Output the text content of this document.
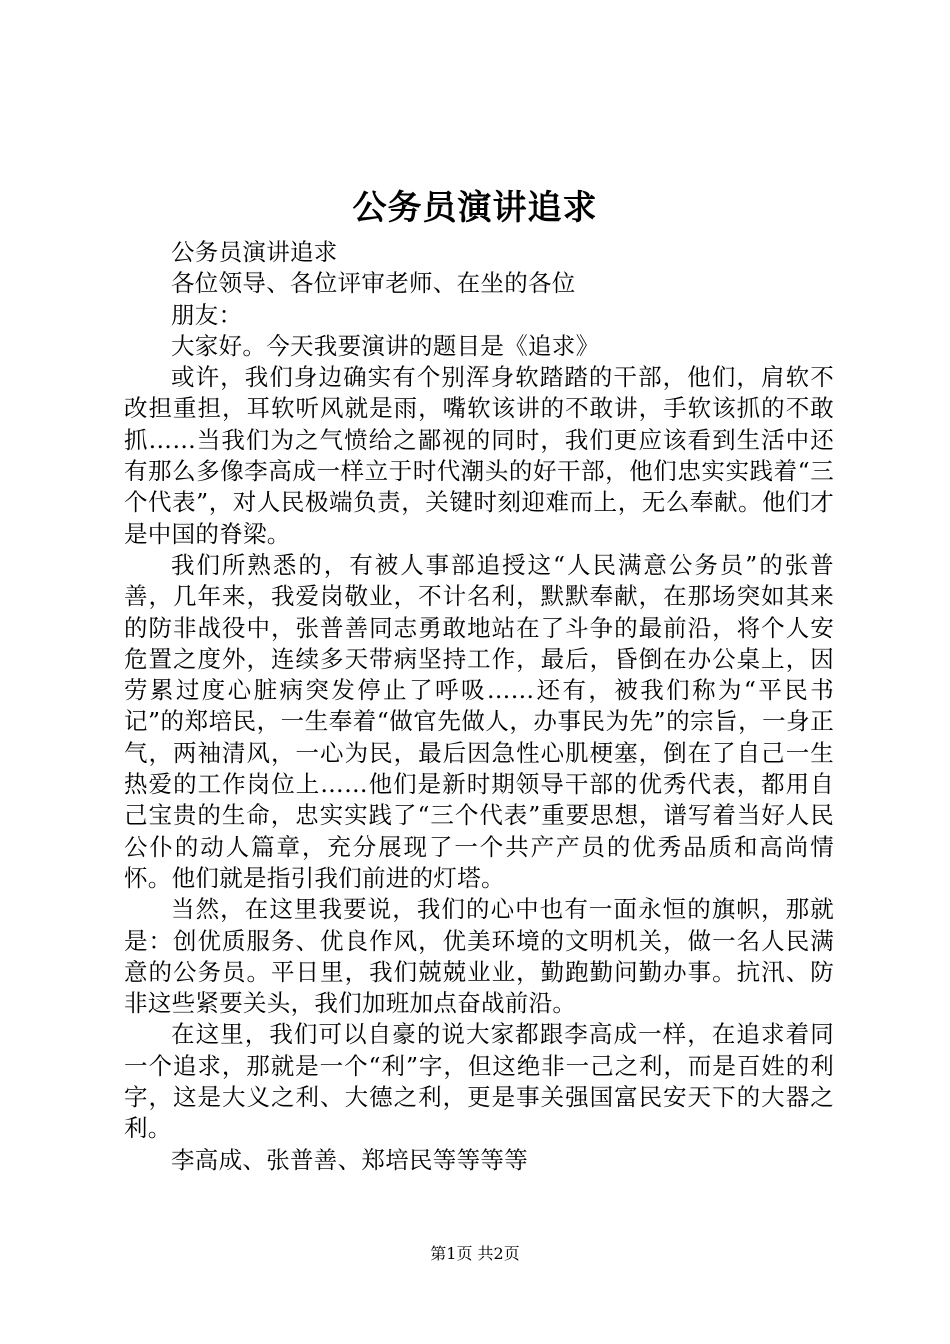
公务员演讲追求

公务员演讲追求

各位领导、各位评审老师、在坐的各位

朋友：

大家好。今天我要演讲的题目是《追求》

或许，我们身边确实有个别浑身软踏踏的干部，他们，肩软不改担重担，耳软听风就是雨，嘴软该讲的不敢讲，手软该抓的不敢抓……当我们为之气愤给之鄙视的同时，我们更应该看到生活中还有那么多像李高成一样立于时代潮头的好干部，他们忠实实践着“三个代表”，对人民极端负责，关键时刻迎难而上，无么奉献。他们才是中国的脊梁。

我们所熟悉的，有被人事部追授这“人民满意公务员”的张普善，几年来，我爱岗敬业，不计名利，默默奉献，在那场突如其来的防非战役中，张普善同志勇敢地站在了斗争的最前沿，将个人安危置之度外，连续多天带病坚持工作，最后，昏倒在办公桌上，因劳累过度心脏病突发停止了呼吸……还有，被我们称为“平民书记”的郑培民，一生奉着“做官先做人，办事民为先”的宗旨，一身正气，两袖清风，一心为民，最后因急性心肌梗塞，倒在了自己一生热爱的工作岗位上……他们是新时期领导干部的优秀代表，都用自己宝贵的生命，忠实实践了“三个代表”重要思想，谱写着当好人民公仆的动人篇章，充分展现了一个共产产员的优秀品质和高尚情怀。他们就是指引我们前进的灯塔。

当然，在这里我要说，我们的心中也有一面永恒的旗帜，那就是：创优质服务、优良作风，优美环境的文明机关，做一名人民满意的公务员。平日里，我们兢兢业业，勤跑勤问勤办事。抗汛、防非这些紧要关头，我们加班加点奋战前沿。

在这里，我们可以自豪的说大家都跟李高成一样，在追求着同一个追求，那就是一个“利”字，但这绝非一己之利，而是百姓的利字，这是大义之利、大德之利，更是事关强国富民安天下的大器之利。

李高成、张普善、郑培民等等等等

第1页 共2页
